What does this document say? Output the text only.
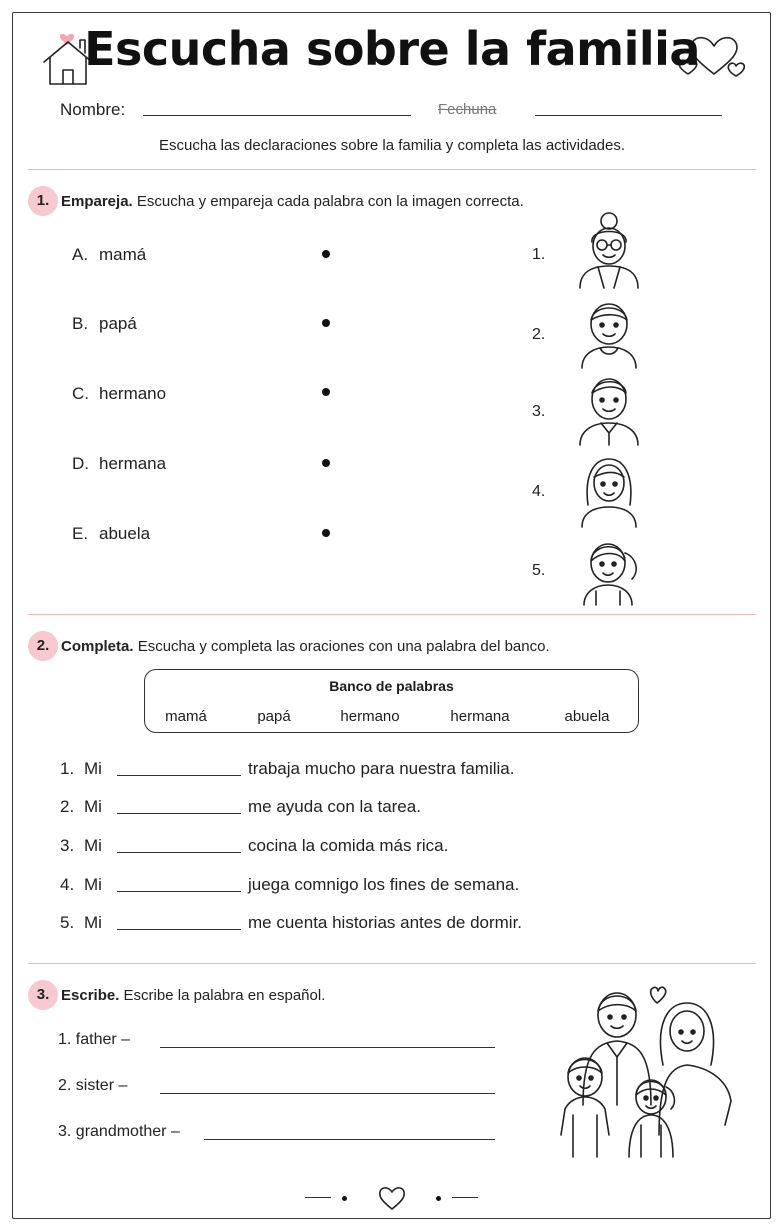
Escucha sobre la familia
Nombre:	Fechuna
Escucha las declaraciones sobre la familia y completa las actividades.
1. Empareja. Escucha y empareja cada palabra con la imagen correcta.
A. mamá
B. papá
C. hermano
D. hermana
E. abuela
1.
2.
3.
4.
5.
2. Completa. Escucha y completa las oraciones con una palabra del banco.
Banco de palabras
mamá	papá	hermano	hermana	abuela
1. Mi	trabaja mucho para nuestra familia.
2. Mi	me ayuda con la tarea.
3. Mi	cocina la comida más rica.
4. Mi	juega comnigo los fines de semana.
5. Mi	me cuenta historias antes de dormir.
3. Escribe. Escribe la palabra en español.
1. father –
2. sister –
3. grandmother –
